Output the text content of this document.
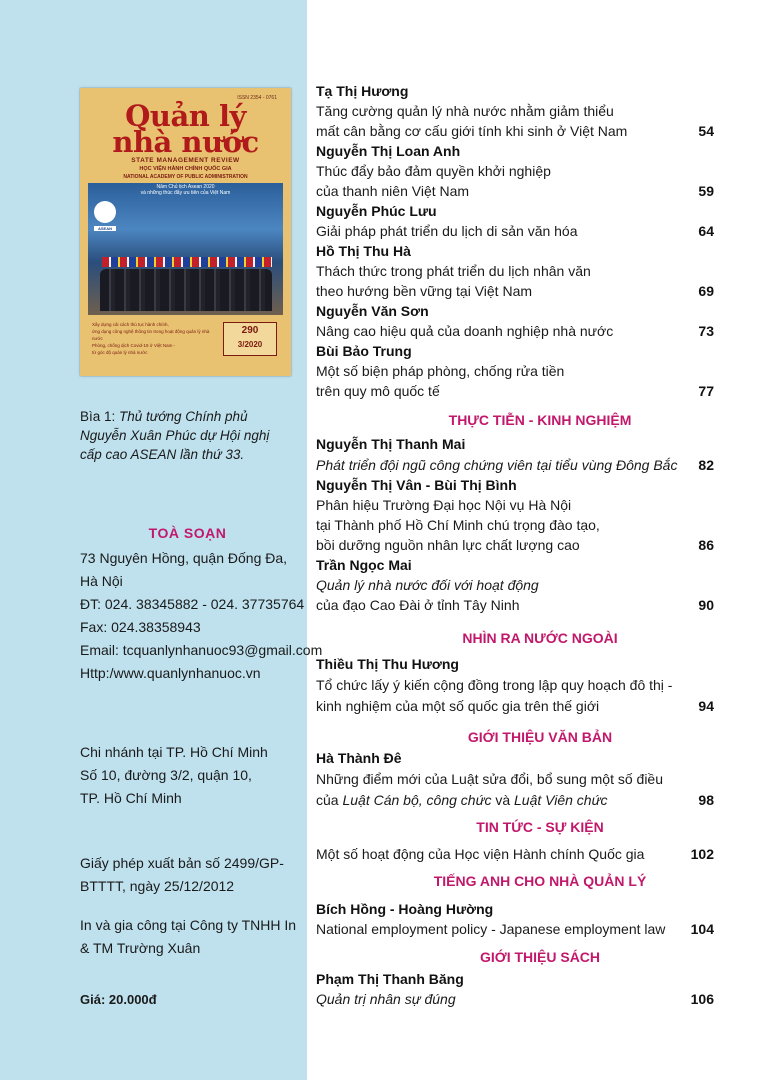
ISSN 2354 - 0761
Quản lý
nhà nước
STATE MANAGEMENT REVIEW
HỌC VIỆN HÀNH CHÍNH QUỐC GIA
NATIONAL ACADEMY OF PUBLIC ADMINISTRATION
Năm Chủ tịch Asean 2020
và những thúc đẩy ưu tiên của Việt Nam
ASEAN
Xây dựng cải cách thủ tục hành chính,
ứng dụng công nghệ thông tin trong hoạt động quản lý nhà nước
Phòng, chống dịch Covid-19 ở Việt Nam -
từ góc độ quản lý nhà nước
290
3/2020
Bìa 1: Thủ tướng Chính phủ
Nguyễn Xuân Phúc dự Hội nghị
cấp cao ASEAN lần thứ 33.
TOÀ SOẠN
73 Nguyên Hồng, quận Đống Đa,
Hà Nội
ĐT: 024. 38345882 - 024. 37735764
Fax: 024.38358943
Email: tcquanlynhanuoc93@gmail.com
Http:/www.quanlynhanuoc.vn
Chi nhánh tại TP. Hồ Chí Minh
Số 10, đường 3/2, quận 10,
TP. Hồ Chí Minh
Giấy phép xuất bản số 2499/GP-
BTTTT, ngày 25/12/2012
In và gia công tại Công ty TNHH In
& TM Trường Xuân
Giá: 20.000đ
Tạ Thị Hương
Tăng cường quản lý nhà nước nhằm giảm thiểu
mất cân bằng cơ cấu giới tính khi sinh ở Việt Nam	54
Nguyễn Thị Loan Anh
Thúc đẩy bảo đảm quyền khởi nghiệp
của thanh niên Việt Nam	59
Nguyễn Phúc Lưu
Giải pháp phát triển du lịch di sản văn hóa	64
Hồ Thị Thu Hà
Thách thức trong phát triển du lịch nhân văn
theo hướng bền vững tại Việt Nam	69
Nguyễn Văn Sơn
Nâng cao hiệu quả của doanh nghiệp nhà nước	73
Bùi Bảo Trung
Một số biện pháp phòng, chống rửa tiền
trên quy mô quốc tế	77
THỰC TIỄN - KINH NGHIỆM
Nguyễn Thị Thanh Mai
Phát triển đội ngũ công chứng viên tại tiểu vùng Đông Bắc	82
Nguyễn Thị Vân - Bùi Thị Bình
Phân hiệu Trường Đại học Nội vụ Hà Nội
tại Thành phố Hồ Chí Minh chú trọng đào tạo,
bồi dưỡng nguồn nhân lực chất lượng cao	86
Trần Ngọc Mai
Quản lý nhà nước đối với hoạt động
của đạo Cao Đài ở tỉnh Tây Ninh	90
NHÌN RA NƯỚC NGOÀI
Thiều Thị Thu Hương
Tổ chức lấy ý kiến cộng đồng trong lập quy hoạch đô thị -
kinh nghiệm của một số quốc gia trên thế giới	94
GIỚI THIỆU VĂN BẢN
Hà Thành Đê
Những điểm mới của Luật sửa đổi, bổ sung một số điều
của Luật Cán bộ, công chức và Luật Viên chức	98
TIN TỨC - SỰ KIỆN
Một số hoạt động của Học viện Hành chính Quốc gia	102
TIẾNG ANH CHO NHÀ QUẢN LÝ
Bích Hồng - Hoàng Hường
National employment policy - Japanese employment law	104
GIỚI THIỆU SÁCH
Phạm Thị Thanh Băng
Quản trị nhân sự đúng	106
